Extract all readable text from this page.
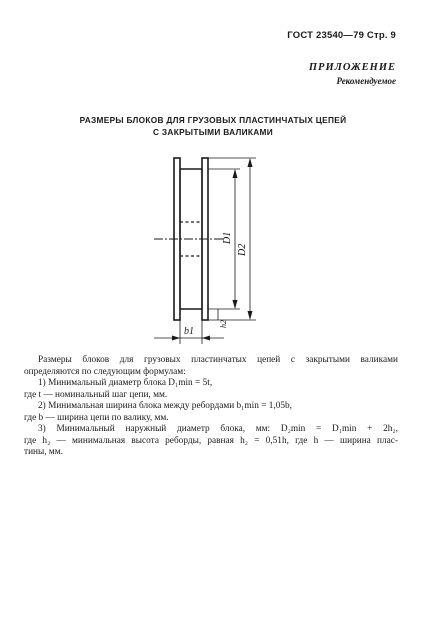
ГОСТ 23540—79 Стр. 9
ПРИЛОЖЕНИЕ
Рекомендуемое
РАЗМЕРЫ БЛОКОВ ДЛЯ ГРУЗОВЫХ ПЛАСТИНЧАТЫХ ЦЕПЕЙ
С ЗАКРЫТЫМИ ВАЛИКАМИ
D1
D2
b1
h2

Размеры блоков для грузовых пластинчатых цепей с закрытыми валиками

определяются по следующим формулам:

1) Минимальный диаметр блока D₁min = 5t,

где t — номинальный шаг цепи, мм.

2) Минимальная ширина блока между ребордами b₁min = 1,05b,

где b — ширина цепи по валику, мм.

3) Минимальный наружный диаметр блока, мм: D₂min = D₁min + 2h₂,

где h₂ — минимальная высота реборды, равная h₂ = 0,51h, где h — ширина плас-

тины, мм.
